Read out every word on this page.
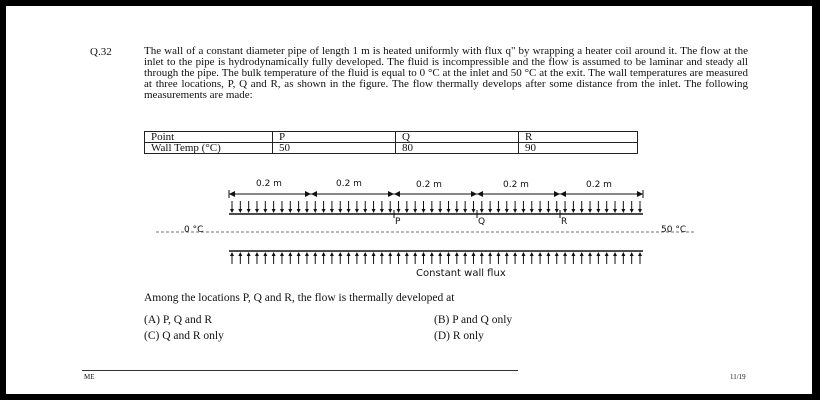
Q.32	The wall of a constant diameter pipe of length 1 m is heated uniformly with flux q" by wrapping a heater coil around it. The flow at the inlet to the pipe is hydrodynamically fully developed. The fluid is incompressible and the flow is assumed to be laminar and steady all through the pipe. The bulk temperature of the fluid is equal to 0 °C at the inlet and 50 °C at the exit. The wall temperatures are measured at three locations, P, Q and R, as shown in the figure. The flow thermally develops after some distance from the inlet. The following measurements are made:

Point	P	Q	R
Wall Temp (°C)	50	80	90
0.2 m	0.2 m	0.2 m	0.2 m	0.2 m
P	Q	R
0 °C	50 °C
Constant wall flux
Among the locations P, Q and R, the flow is thermally developed at
(A) P, Q and R	(B) P and Q only
(C) Q and R only	(D) R only
ME	11/19
